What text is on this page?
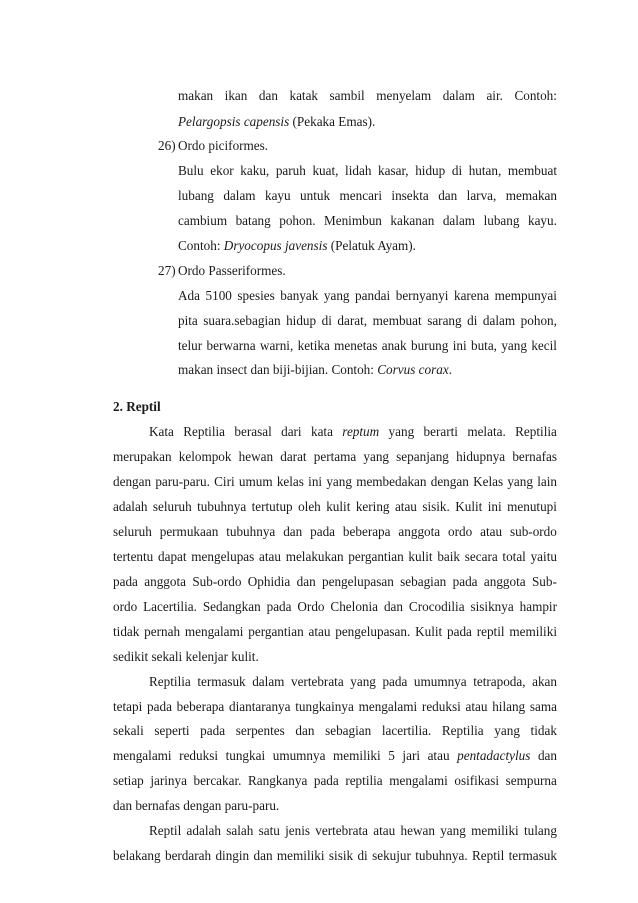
makan ikan dan katak sambil menyelam dalam air. Contoh:
Pelargopsis capensis (Pekaka Emas).
26) Ordo piciformes.
Bulu ekor kaku, paruh kuat, lidah kasar, hidup di hutan, membuat
lubang dalam kayu untuk mencari insekta dan larva, memakan
cambium batang pohon. Menimbun kakanan dalam lubang kayu.
Contoh: Dryocopus javensis (Pelatuk Ayam).
27) Ordo Passeriformes.
Ada 5100 spesies banyak yang pandai bernyanyi karena mempunyai
pita suara.sebagian hidup di darat, membuat sarang di dalam pohon,
telur berwarna warni, ketika menetas anak burung ini buta, yang kecil
makan insect dan biji-bijian. Contoh: Corvus corax.
2. Reptil
Kata Reptilia berasal dari kata reptum yang berarti melata. Reptilia
merupakan kelompok hewan darat pertama yang sepanjang hidupnya bernafas
dengan paru-paru. Ciri umum kelas ini yang membedakan dengan Kelas yang lain
adalah seluruh tubuhnya tertutup oleh kulit kering atau sisik. Kulit ini menutupi
seluruh permukaan tubuhnya dan pada beberapa anggota ordo atau sub-ordo
tertentu dapat mengelupas atau melakukan pergantian kulit baik secara total yaitu
pada anggota Sub-ordo Ophidia dan pengelupasan sebagian pada anggota Sub-
ordo Lacertilia. Sedangkan pada Ordo Chelonia dan Crocodilia sisiknya hampir
tidak pernah mengalami pergantian atau pengelupasan. Kulit pada reptil memiliki
sedikit sekali kelenjar kulit.
Reptilia termasuk dalam vertebrata yang pada umumnya tetrapoda, akan
tetapi pada beberapa diantaranya tungkainya mengalami reduksi atau hilang sama
sekali seperti pada serpentes dan sebagian lacertilia. Reptilia yang tidak
mengalami reduksi tungkai umumnya memiliki 5 jari atau pentadactylus dan
setiap jarinya bercakar. Rangkanya pada reptilia mengalami osifikasi sempurna
dan bernafas dengan paru-paru.
Reptil adalah salah satu jenis vertebrata atau hewan yang memiliki tulang
belakang berdarah dingin dan memiliki sisik di sekujur tubuhnya. Reptil termasuk
